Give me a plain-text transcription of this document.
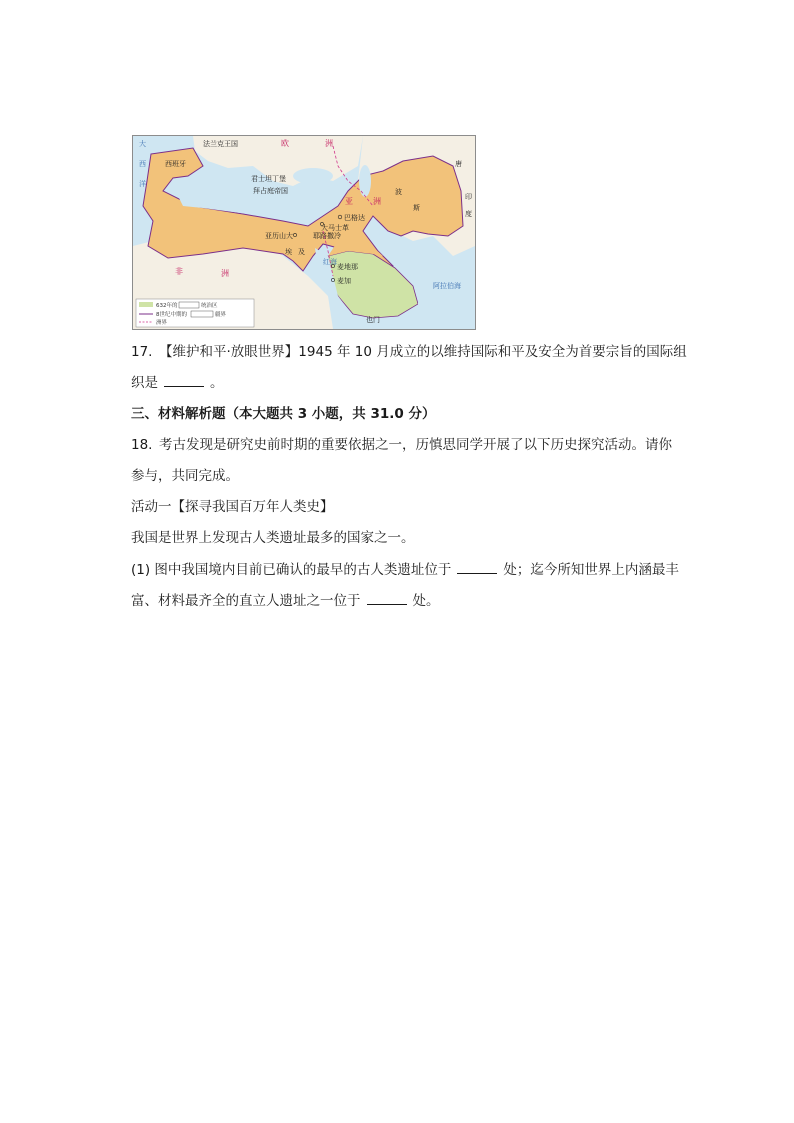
大
西
洋
法兰克王国	欧	洲
西班牙
君士坦丁堡
拜占庭帝国
亚	洲
波
斯
巴格达
大马士革
亚历山大	耶路撒冷
埃 及
非	洲
麦地那
麦加
也门
红海
阿拉伯海
唐
印
度
632年的	统治区
8世纪中期的	疆界
洲界
17. 【维护和平·放眼世界】1945 年 10 月成立的以维持国际和平及安全为首要宗旨的国际组
织是	。
三、材料解析题（本大题共 3 小题，共 31.0 分）
18. 考古发现是研究史前时期的重要依据之一，历慎思同学开展了以下历史探究活动。请你
参与，共同完成。
活动一【探寻我国百万年人类史】
我国是世界上发现古人类遗址最多的国家之一。
(1) 图中我国境内目前已确认的最早的古人类遗址位于	处；迄今所知世界上内涵最丰
富、材料最齐全的直立人遗址之一位于	处。
